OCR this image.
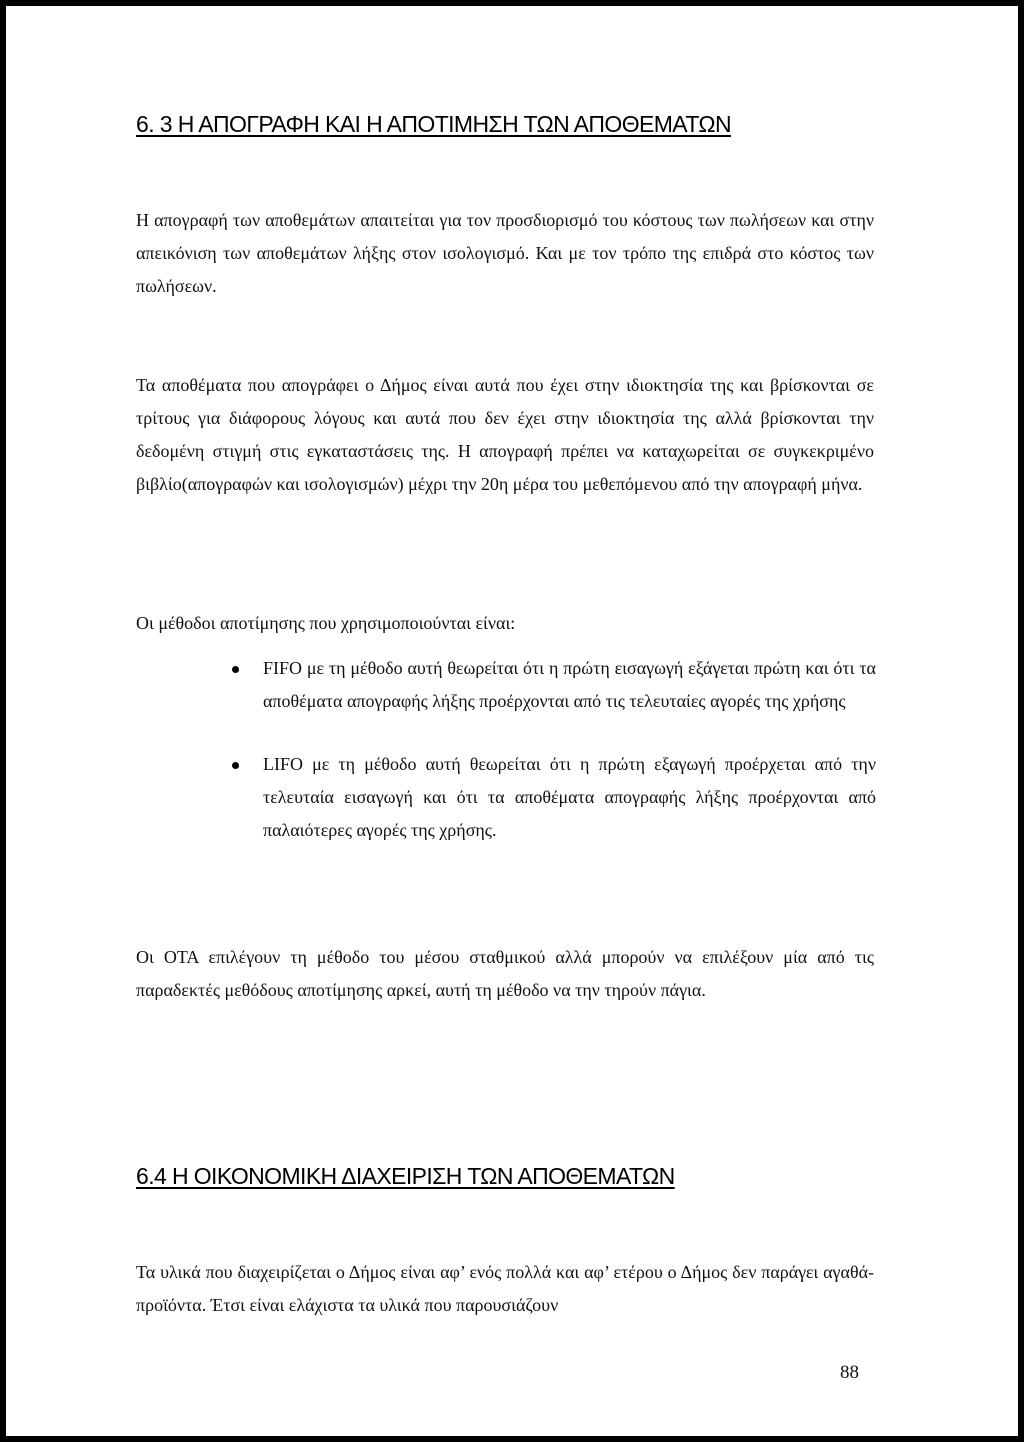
6. 3 Η ΑΠΟΓΡΑΦΗ ΚΑΙ Η ΑΠΟΤΙΜΗΣΗ ΤΩΝ ΑΠΟΘΕΜΑΤΩΝ

Η απογραφή των αποθεμάτων απαιτείται για τον προσδιορισμό του κόστους των πωλήσεων και στην απεικόνιση των αποθεμάτων λήξης στον ισολογισμό. Και με τον τρόπο της επιδρά στο κόστος των πωλήσεων.

Τα αποθέματα που απογράφει ο Δήμος είναι αυτά που έχει στην ιδιοκτησία της και βρίσκονται σε τρίτους για διάφορους λόγους και αυτά που δεν έχει στην ιδιοκτησία της αλλά βρίσκονται την δεδομένη στιγμή στις εγκαταστάσεις της. Η απογραφή πρέπει να καταχωρείται σε συγκεκριμένο βιβλίο(απογραφών και ισολογισμών) μέχρι την 20η μέρα του μεθεπόμενου από την απογραφή μήνα.

Οι μέθοδοι αποτίμησης που χρησιμοποιούνται είναι:

FIFO με τη μέθοδο αυτή θεωρείται ότι η πρώτη εισαγωγή εξάγεται πρώτη και ότι τα αποθέματα απογραφής λήξης προέρχονται από τις τελευταίες αγορές της χρήσης
LIFO με τη μέθοδο αυτή θεωρείται ότι η πρώτη εξαγωγή προέρχεται από την τελευταία εισαγωγή και ότι τα αποθέματα απογραφής λήξης προέρχονται από παλαιότερες αγορές της χρήσης.

Οι ΟΤΑ επιλέγουν τη μέθοδο του μέσου σταθμικού αλλά μπορούν να επιλέξουν μία από τις παραδεκτές μεθόδους αποτίμησης αρκεί, αυτή τη μέθοδο να την τηρούν πάγια.

6.4 Η ΟΙΚΟΝΟΜΙΚΗ ΔΙΑΧΕΙΡΙΣΗ ΤΩΝ ΑΠΟΘΕΜΑΤΩΝ

Τα υλικά που διαχειρίζεται ο Δήμος είναι αφ’ ενός πολλά και αφ’ ετέρου ο Δήμος δεν παράγει αγαθά- προϊόντα. Έτσι είναι ελάχιστα τα υλικά που παρουσιάζουν

88
